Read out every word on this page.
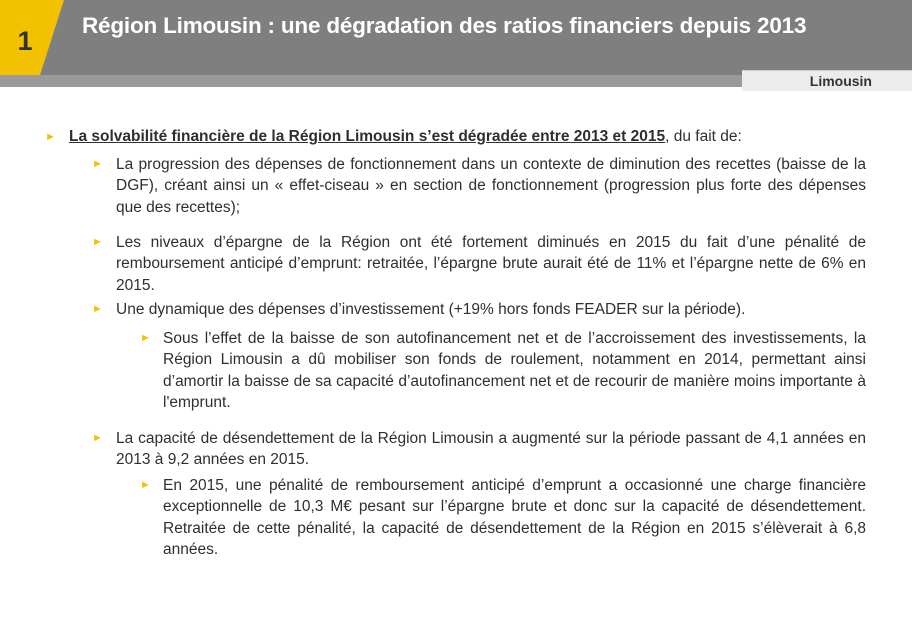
1
Région Limousin : une dégradation des ratios financiers depuis 2013
Limousin
► La solvabilité financière de la Région Limousin s’est dégradée entre 2013 et 2015, du fait de:
► La progression des dépenses de fonctionnement dans un contexte de diminution des recettes (baisse de la DGF), créant ainsi un « effet-ciseau » en section de fonctionnement (progression plus forte des dépenses que des recettes);
► Les niveaux d’épargne de la Région ont été fortement diminués en 2015 du fait d’une pénalité de remboursement anticipé d’emprunt: retraitée, l’épargne brute aurait été de 11% et l’épargne nette de 6% en 2015.
► Une dynamique des dépenses d’investissement (+19% hors fonds FEADER sur la période).
► Sous l’effet de la baisse de son autofinancement net et de l’accroissement des investissements, la Région Limousin a dû mobiliser son fonds de roulement, notamment en 2014, permettant ainsi d’amortir la baisse de sa capacité d’autofinancement net et de recourir de manière moins importante à l'emprunt.
► La capacité de désendettement de la Région Limousin a augmenté sur la période passant de 4,1 années en 2013 à 9,2 années en 2015.
► En 2015, une pénalité de remboursement anticipé d’emprunt a occasionné une charge financière exceptionnelle de 10,3 M€ pesant sur l’épargne brute et donc sur la capacité de désendettement. Retraitée de cette pénalité, la capacité de désendettement de la Région en 2015 s’élèverait à 6,8 années.
